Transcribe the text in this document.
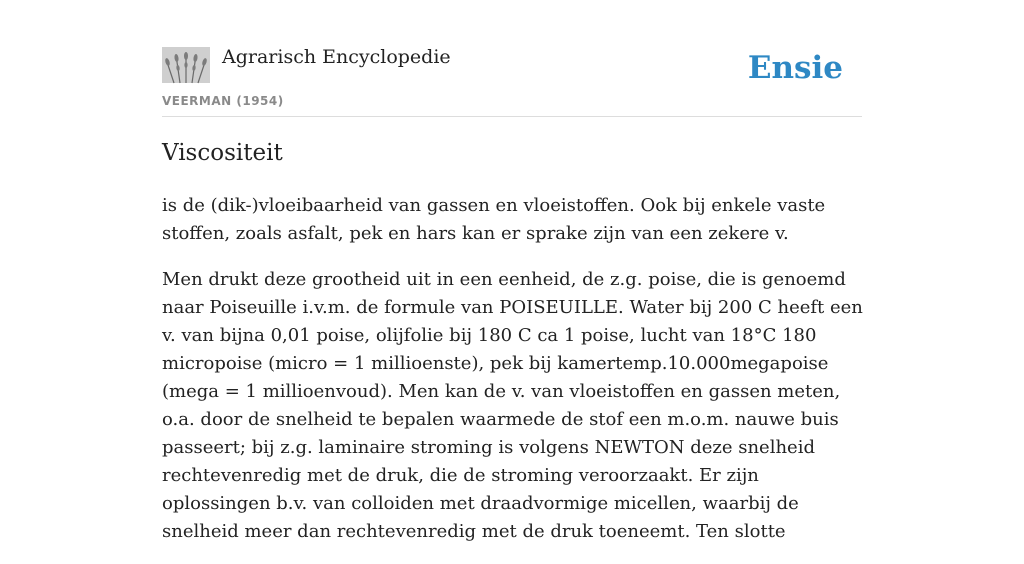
Agrarisch Encyclopedie
VEERMAN (1954)
Ensie
Viscositeit

is de (dik-)vloeibaarheid van gassen en vloeistoffen. Ook bij enkele vaste stoffen, zoals asfalt, pek en hars kan er sprake zijn van een zekere v.

Men drukt deze grootheid uit in een eenheid, de z.g. poise, die is genoemd naar Poiseuille i.v.m. de formule van POISEUILLE. Water bij 200 C heeft een v. van bijna 0,01 poise, olijfolie bij 180 C ca 1 poise, lucht van 18°C 180 micropoise (micro = 1 millioenste), pek bij kamertemp.10.000megapoise (mega = 1 millioenvoud). Men kan de v. van vloeistoffen en gassen meten, o.a. door de snelheid te bepalen waarmede de stof een m.o.m. nauwe buis passeert; bij z.g. laminaire stroming is volgens NEWTON deze snelheid rechtevenredig met de druk, die de stroming veroorzaakt. Er zijn oplossingen b.v. van colloiden met draadvormige micellen, waarbij de snelheid meer dan rechtevenredig met de druk toeneemt. Ten slotte
